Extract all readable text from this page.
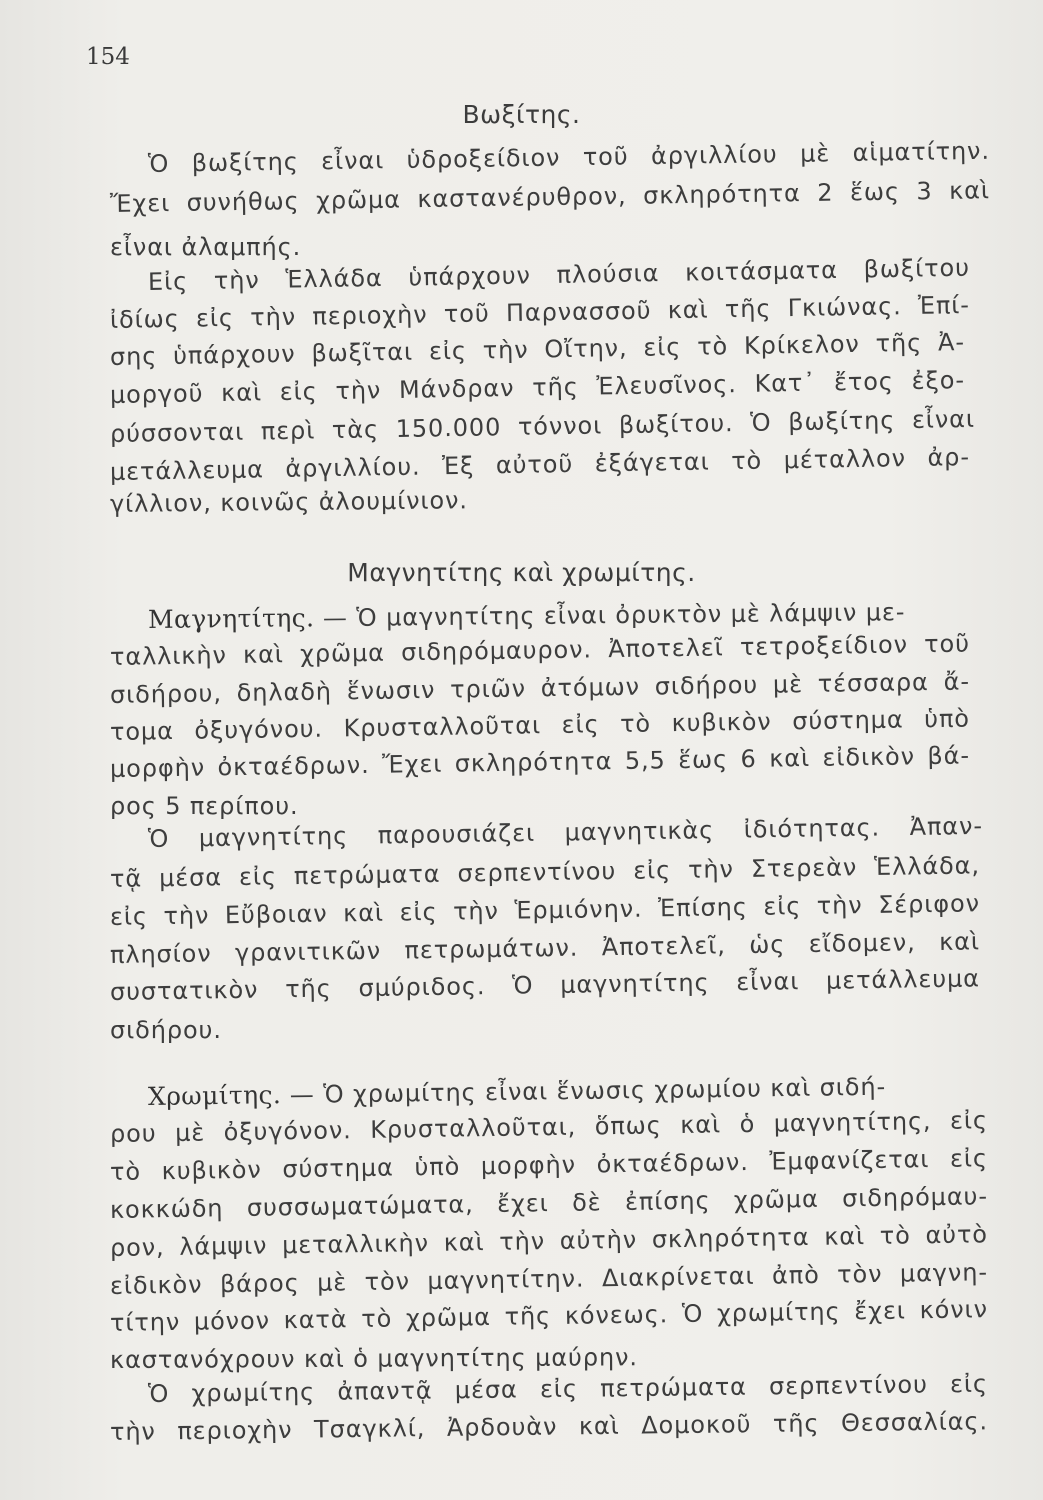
154
Βωξίτης.
Ὁ βωξίτης εἶναι ὑδροξείδιον τοῦ ἀργιλλίου μὲ αἱματίτην.
Ἔχει συνήθως χρῶμα καστανέρυθρον, σκληρότητα 2 ἕως 3 καὶ
εἶναι ἀλαμπής.
Εἰς τὴν Ἑλλάδα ὑπάρχουν πλούσια κοιτάσματα βωξίτου
ἰδίως εἰς τὴν περιοχὴν τοῦ Παρνασσοῦ καὶ τῆς Γκιώνας. Ἐπί-
σης ὑπάρχουν βωξῖται εἰς τὴν Οἴτην, εἰς τὸ Κρίκελον τῆς Ἀ-
μοργοῦ καὶ εἰς τὴν Μάνδραν τῆς Ἐλευσῖνος. Κατ᾿ ἔτος ἐξο-
ρύσσονται περὶ τὰς 150.000 τόννοι βωξίτου. Ὁ βωξίτης εἶναι
μετάλλευμα ἀργιλλίου. Ἐξ αὐτοῦ ἐξάγεται τὸ μέταλλον ἀρ-
γίλλιον, κοινῶς ἀλουμίνιον.
Μαγνητίτης καὶ χρωμίτης.
Μαγνητίτης. — Ὁ μαγνητίτης εἶναι ὀρυκτὸν μὲ λάμψιν με-
ταλλικὴν καὶ χρῶμα σιδηρόμαυρον. Ἀποτελεῖ τετροξείδιον τοῦ
σιδήρου, δηλαδὴ ἕνωσιν τριῶν ἀτόμων σιδήρου μὲ τέσσαρα ἄ-
τομα ὀξυγόνου. Κρυσταλλοῦται εἰς τὸ κυβικὸν σύστημα ὑπὸ
μορφὴν ὀκταέδρων. Ἔχει σκληρότητα 5,5 ἕως 6 καὶ εἰδικὸν βά-
ρος 5 περίπου.
Ὁ μαγνητίτης παρουσιάζει μαγνητικὰς ἰδιότητας. Ἀπαν-
τᾷ μέσα εἰς πετρώματα σερπεντίνου εἰς τὴν Στερεὰν Ἑλλάδα,
εἰς τὴν Εὔβοιαν καὶ εἰς τὴν Ἑρμιόνην. Ἐπίσης εἰς τὴν Σέριφον
πλησίον γρανιτικῶν πετρωμάτων. Ἀποτελεῖ, ὡς εἴδομεν, καὶ
συστατικὸν τῆς σμύριδος. Ὁ μαγνητίτης εἶναι μετάλλευμα
σιδήρου.
Χρωμίτης. — Ὁ χρωμίτης εἶναι ἕνωσις χρωμίου καὶ σιδή-
ρου μὲ ὀξυγόνον. Κρυσταλλοῦται, ὅπως καὶ ὁ μαγνητίτης, εἰς
τὸ κυβικὸν σύστημα ὑπὸ μορφὴν ὀκταέδρων. Ἐμφανίζεται εἰς
κοκκώδη συσσωματώματα, ἔχει δὲ ἐπίσης χρῶμα σιδηρόμαυ-
ρον, λάμψιν μεταλλικὴν καὶ τὴν αὐτὴν σκληρότητα καὶ τὸ αὐτὸ
εἰδικὸν βάρος μὲ τὸν μαγνητίτην. Διακρίνεται ἀπὸ τὸν μαγνη-
τίτην μόνον κατὰ τὸ χρῶμα τῆς κόνεως. Ὁ χρωμίτης ἔχει κόνιν
καστανόχρουν καὶ ὁ μαγνητίτης μαύρην.
Ὁ χρωμίτης ἀπαντᾷ μέσα εἰς πετρώματα σερπεντίνου εἰς
τὴν περιοχὴν Τσαγκλί, Ἀρδουὰν καὶ Δομοκοῦ τῆς Θεσσαλίας.
